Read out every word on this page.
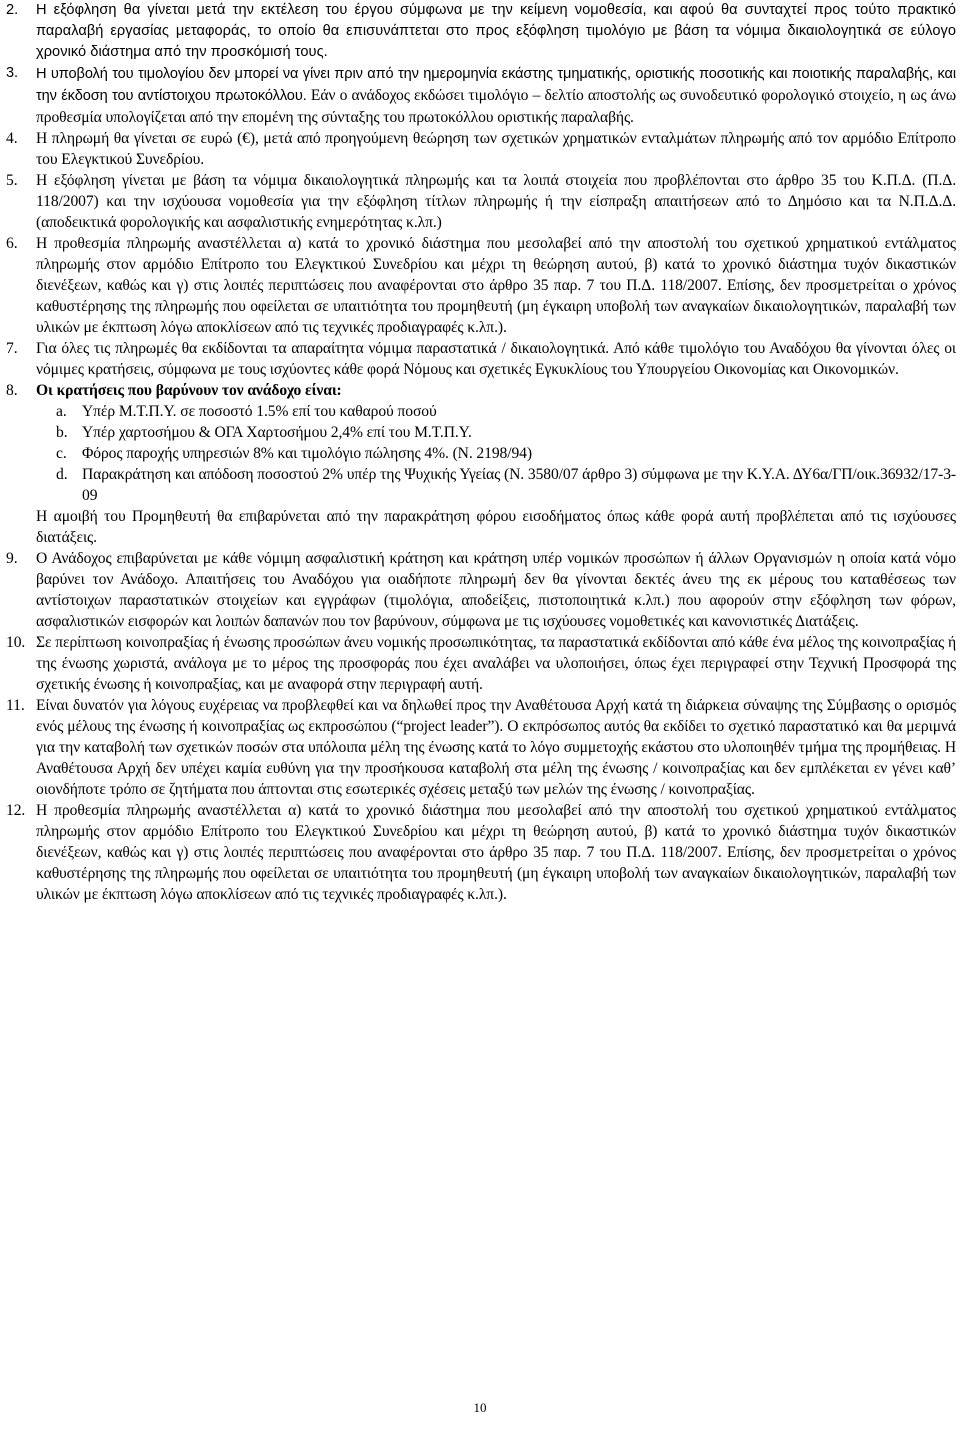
2.	Η εξόφληση θα γίνεται μετά την εκτέλεση του έργου σύμφωνα με την κείμενη νομοθεσία, και αφού θα συνταχτεί προς τούτο πρακτικό παραλαβή εργασίας μεταφοράς, το οποίο θα επισυνάπτεται στο προς εξόφληση τιμολόγιο με βάση τα νόμιμα δικαιολογητικά σε εύλογο χρονικό διάστημα από την προσκόμισή τους.

3.	Η υποβολή του τιμολογίου δεν μπορεί να γίνει πριν από την ημερομηνία εκάστης τμηματικής, οριστικής ποσοτικής και ποιοτικής παραλαβής, και την έκδοση του αντίστοιχου πρωτοκόλλου. Εάν ο ανάδοχος εκδώσει τιμολόγιο – δελτίο αποστολής ως συνοδευτικό φορολογικό στοιχείο, η ως άνω προθεσμία υπολογίζεται από την επομένη της σύνταξης του πρωτοκόλλου οριστικής παραλαβής.

4.	Η πληρωμή θα γίνεται σε ευρώ (€), μετά από προηγούμενη θεώρηση των σχετικών χρηματικών ενταλμάτων πληρωμής από τον αρμόδιο Επίτροπο του Ελεγκτικού Συνεδρίου.

5.	Η εξόφληση γίνεται με βάση τα νόμιμα δικαιολογητικά πληρωμής και τα λοιπά στοιχεία που προβλέπονται στο άρθρο 35 του Κ.Π.Δ. (Π.Δ. 118/2007) και την ισχύουσα νομοθεσία για την εξόφληση τίτλων πληρωμής ή την είσπραξη απαιτήσεων από το Δημόσιο και τα Ν.Π.Δ.Δ. (αποδεικτικά φορολογικής και ασφαλιστικής ενημερότητας κ.λπ.)

6.	Η προθεσμία πληρωμής αναστέλλεται α) κατά το χρονικό διάστημα που μεσολαβεί από την αποστολή του σχετικού χρηματικού εντάλματος πληρωμής στον αρμόδιο Επίτροπο του Ελεγκτικού Συνεδρίου και μέχρι τη θεώρηση αυτού, β) κατά το χρονικό διάστημα τυχόν δικαστικών διενέξεων, καθώς και γ) στις λοιπές περιπτώσεις που αναφέρονται στο άρθρο 35 παρ. 7 του Π.Δ. 118/2007. Επίσης, δεν προσμετρείται ο χρόνος καθυστέρησης της πληρωμής που οφείλεται σε υπαιτιότητα του προμηθευτή (μη έγκαιρη υποβολή των αναγκαίων δικαιολογητικών, παραλαβή των υλικών με έκπτωση λόγω αποκλίσεων από τις τεχνικές προδιαγραφές κ.λπ.).

7.	Για όλες τις πληρωμές θα εκδίδονται τα απαραίτητα νόμιμα παραστατικά / δικαιολογητικά. Από κάθε τιμολόγιο του Αναδόχου θα γίνονται όλες οι νόμιμες κρατήσεις, σύμφωνα με τους ισχύοντες κάθε φορά Νόμους και σχετικές Εγκυκλίους του Υπουργείου Οικονομίας και Οικονομικών.

8.	Οι κρατήσεις που βαρύνουν τον ανάδοχο είναι:

a. Υπέρ Μ.Τ.Π.Υ. σε ποσοστό 1.5% επί του καθαρού ποσού
b. Υπέρ χαρτοσήμου & ΟΓΑ Χαρτοσήμου 2,4% επί του Μ.Τ.Π.Υ.
c. Φόρος παροχής υπηρεσιών 8% και τιμολόγιο πώλησης 4%. (Ν. 2198/94)
d. Παρακράτηση και απόδοση ποσοστού 2% υπέρ της Ψυχικής Υγείας (Ν. 3580/07 άρθρο 3) σύμφωνα με την Κ.Υ.Α. ΔΥ6α/ΓΠ/οικ.36932/17-3-09

Η αμοιβή του Προμηθευτή θα επιβαρύνεται από την παρακράτηση φόρου εισοδήματος όπως κάθε φορά αυτή προβλέπεται από τις ισχύουσες διατάξεις.

9.	Ο Ανάδοχος επιβαρύνεται με κάθε νόμιμη ασφαλιστική κράτηση και κράτηση υπέρ νομικών προσώπων ή άλλων Οργανισμών η οποία κατά νόμο βαρύνει τον Ανάδοχο. Απαιτήσεις του Αναδόχου για οιαδήποτε πληρωμή δεν θα γίνονται δεκτές άνευ της εκ μέρους του καταθέσεως των αντίστοιχων παραστατικών στοιχείων και εγγράφων (τιμολόγια, αποδείξεις, πιστοποιητικά κ.λπ.) που αφορούν στην εξόφληση των φόρων, ασφαλιστικών εισφορών και λοιπών δαπανών που τον βαρύνουν, σύμφωνα με τις ισχύουσες νομοθετικές και κανονιστικές Διατάξεις.

10. Σε περίπτωση κοινοπραξίας ή ένωσης προσώπων άνευ νομικής προσωπικότητας, τα παραστατικά εκδίδονται από κάθε ένα μέλος της κοινοπραξίας ή της ένωσης χωριστά, ανάλογα με το μέρος της προσφοράς που έχει αναλάβει να υλοποιήσει, όπως έχει περιγραφεί στην Τεχνική Προσφορά της σχετικής ένωσης ή κοινοπραξίας, και με αναφορά στην περιγραφή αυτή.

11. Είναι δυνατόν για λόγους ευχέρειας να προβλεφθεί και να δηλωθεί προς την Αναθέτουσα Αρχή κατά τη διάρκεια σύναψης της Σύμβασης ο ορισμός ενός μέλους της ένωσης ή κοινοπραξίας ως εκπροσώπου (“project leader”). Ο εκπρόσωπος αυτός θα εκδίδει το σχετικό παραστατικό και θα μεριμνά για την καταβολή των σχετικών ποσών στα υπόλοιπα μέλη της ένωσης κατά το λόγο συμμετοχής εκάστου στο υλοποιηθέν τμήμα της προμήθειας. Η Αναθέτουσα Αρχή δεν υπέχει καμία ευθύνη για την προσήκουσα καταβολή στα μέλη της ένωσης / κοινοπραξίας και δεν εμπλέκεται εν γένει καθ’ οιονδήποτε τρόπο σε ζητήματα που άπτονται στις εσωτερικές σχέσεις μεταξύ των μελών της ένωσης / κοινοπραξίας.

12. Η προθεσμία πληρωμής αναστέλλεται α) κατά το χρονικό διάστημα που μεσολαβεί από την αποστολή του σχετικού χρηματικού εντάλματος πληρωμής στον αρμόδιο Επίτροπο του Ελεγκτικού Συνεδρίου και μέχρι τη θεώρηση αυτού, β) κατά το χρονικό διάστημα τυχόν δικαστικών διενέξεων, καθώς και γ) στις λοιπές περιπτώσεις που αναφέρονται στο άρθρο 35 παρ. 7 του Π.Δ. 118/2007. Επίσης, δεν προσμετρείται ο χρόνος καθυστέρησης της πληρωμής που οφείλεται σε υπαιτιότητα του προμηθευτή (μη έγκαιρη υποβολή των αναγκαίων δικαιολογητικών, παραλαβή των υλικών με έκπτωση λόγω αποκλίσεων από τις τεχνικές προδιαγραφές κ.λπ.).

10
